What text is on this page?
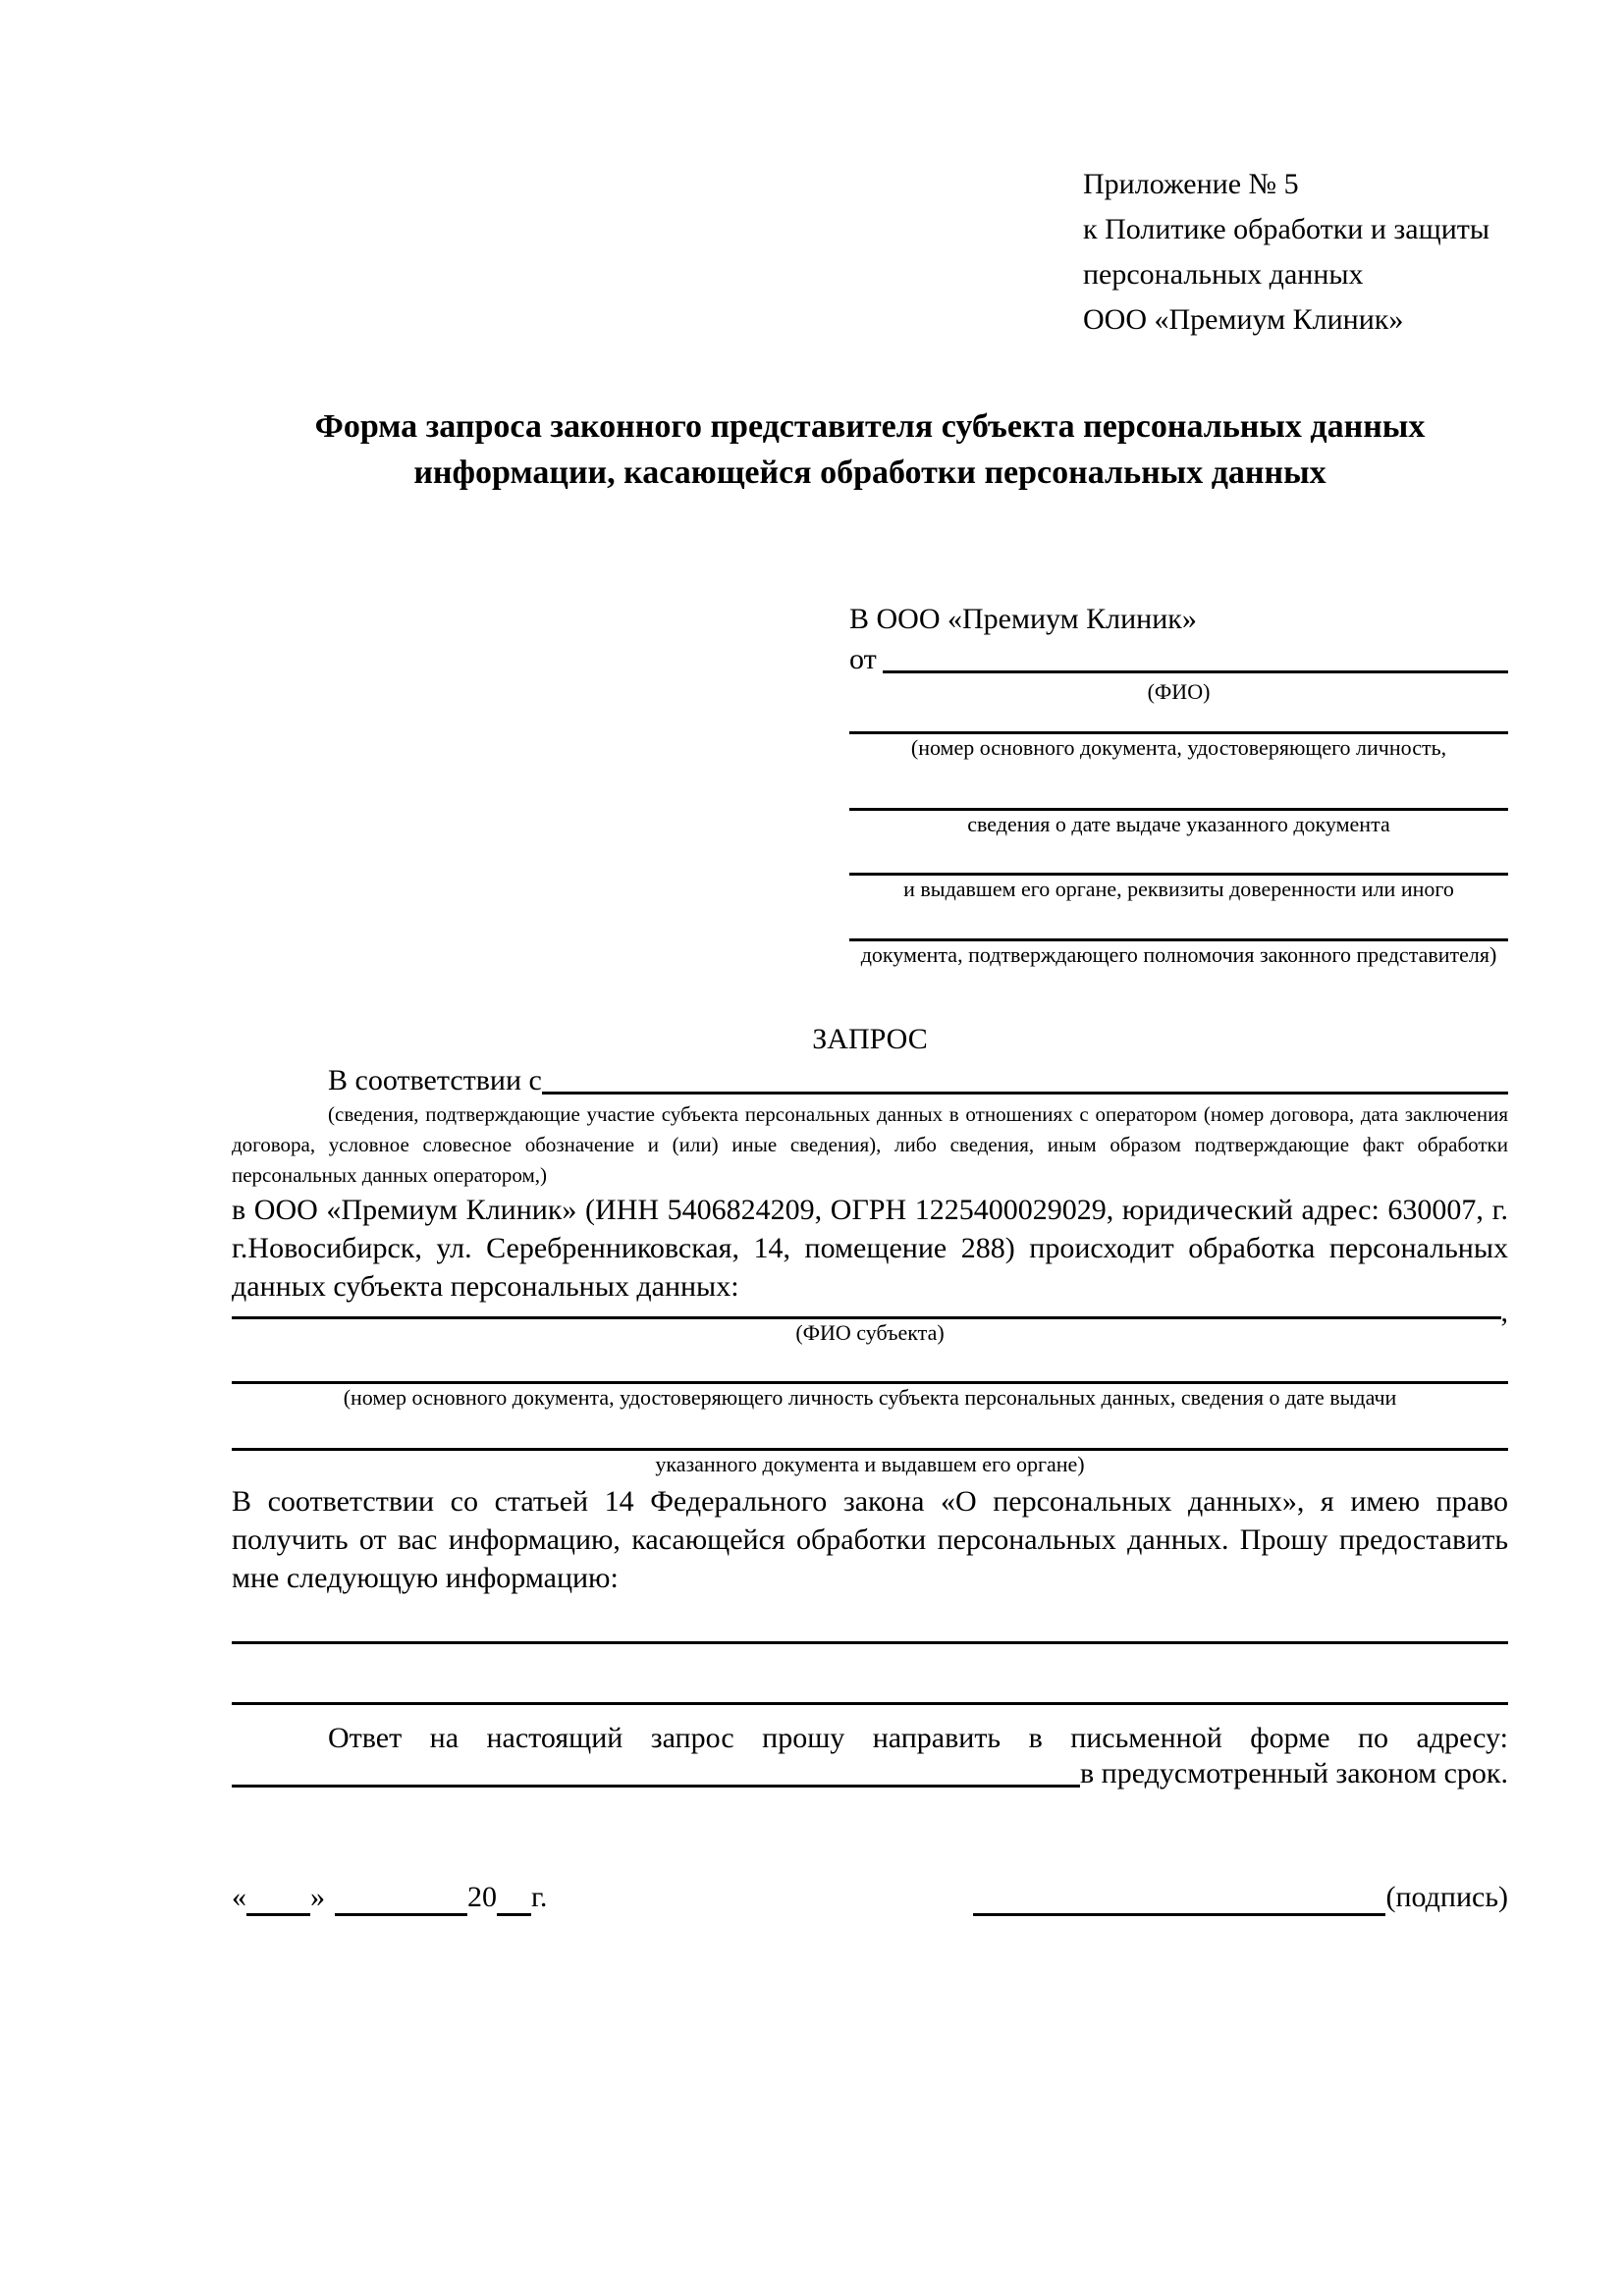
Приложение № 5
к Политике обработки и защиты
персональных данных
ООО «Премиум Клиник»
Форма запроса законного представителя субъекта персональных данных
информации, касающейся обработки персональных данных
В ООО «Премиум Клиник»
от
(ФИО)
(номер основного документа, удостоверяющего личность,
сведения о дате выдаче указанного документа
и выдавшем его органе, реквизиты доверенности или иного
документа, подтверждающего полномочия законного представителя)
ЗАПРОС
В соответствии с
(сведения, подтверждающие участие субъекта персональных данных в отношениях с оператором (номер договора, дата заключения договора, условное словесное обозначение и (или) иные сведения), либо сведения, иным образом подтверждающие факт обработки персональных данных оператором,)
в ООО «Премиум Клиник» (ИНН 5406824209, ОГРН 1225400029029, юридический адрес: 630007, г. г.Новосибирск, ул. Серебренниковская, 14, помещение 288) происходит обработка персональных данных субъекта персональных данных:
,
(ФИО субъекта)
(номер основного документа, удостоверяющего личность субъекта персональных данных, сведения о дате выдачи
указанного документа и выдавшем его органе)
В соответствии со статьей 14 Федерального закона «О персональных данных», я имею право получить от вас информацию, касающейся обработки персональных данных. Прошу предоставить мне следующую информацию:
Ответ на настоящий запрос прошу направить в письменной форме по адресу:
в предусмотренный законом срок.
« »	20 г.	(подпись)
